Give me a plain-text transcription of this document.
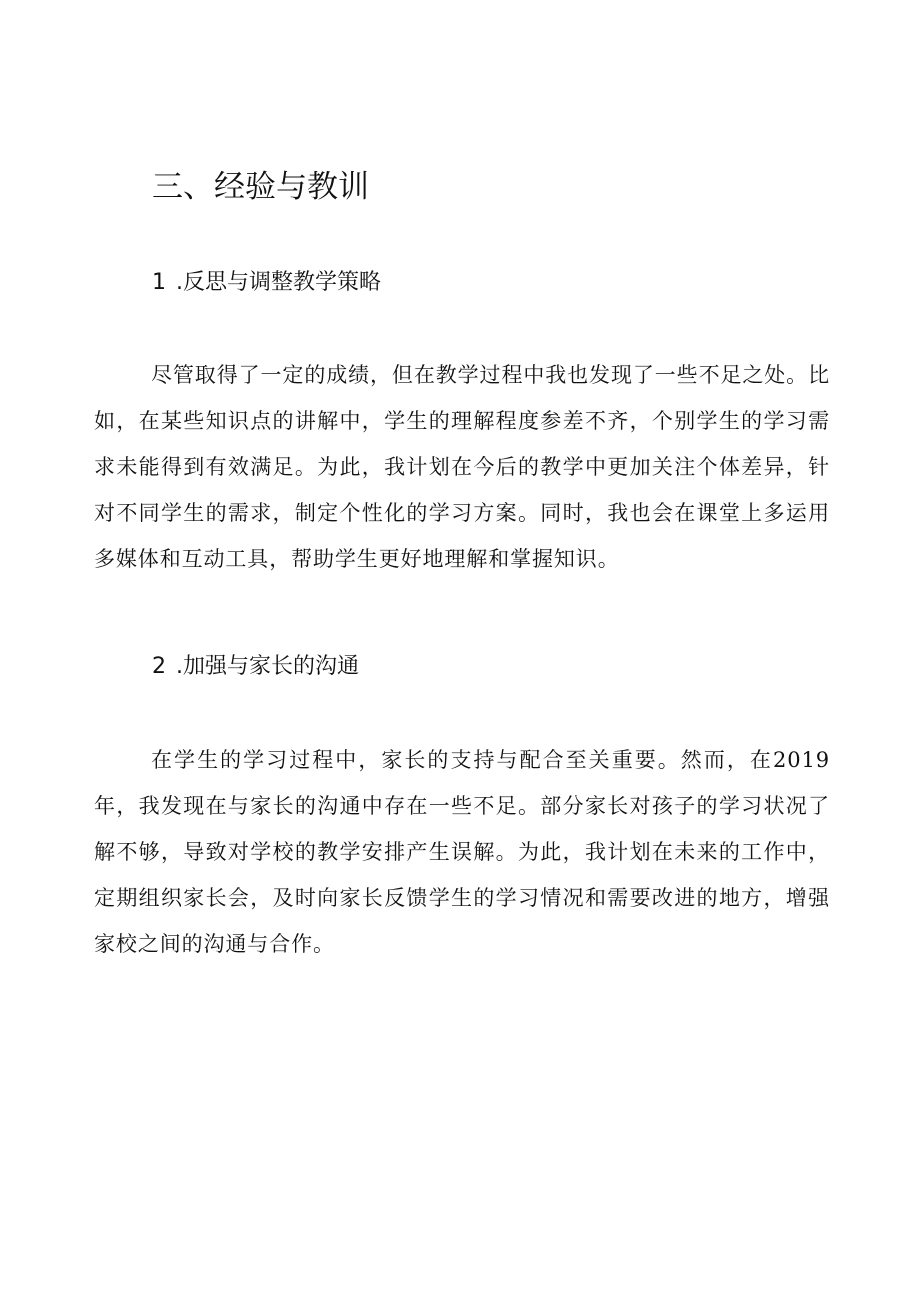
三、经验与教训
1 .反思与调整教学策略

尽管取得了一定的成绩，但在教学过程中我也发现了一些不足之处。比如，在某些知识点的讲解中，学生的理解程度参差不齐，个别学生的学习需求未能得到有效满足。为此，我计划在今后的教学中更加关注个体差异，针对不同学生的需求，制定个性化的学习方案。同时，我也会在课堂上多运用多媒体和互动工具，帮助学生更好地理解和掌握知识。

2 .加强与家长的沟通

在学生的学习过程中，家长的支持与配合至关重要。然而，在2019年，我发现在与家长的沟通中存在一些不足。部分家长对孩子的学习状况了解不够，导致对学校的教学安排产生误解。为此，我计划在未来的工作中，定期组织家长会，及时向家长反馈学生的学习情况和需要改进的地方，增强家校之间的沟通与合作。
